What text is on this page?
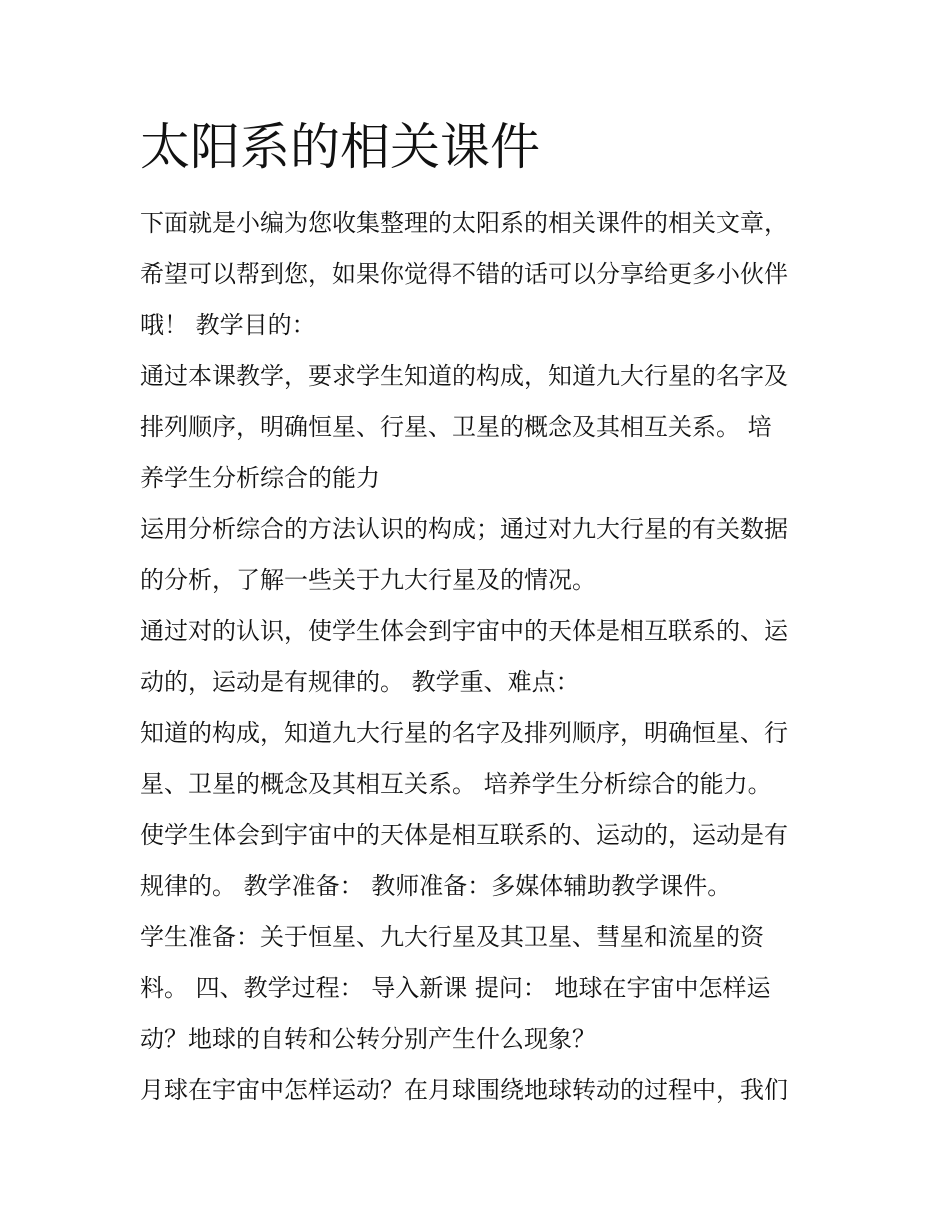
太阳系的相关课件

下面就是小编为您收集整理的太阳系的相关课件的相关文章，
希望可以帮到您，如果你觉得不错的话可以分享给更多小伙伴
哦！ 教学目的：

通过本课教学，要求学生知道的构成，知道九大行星的名字及
排列顺序，明确恒星、行星、卫星的概念及其相互关系。 培
养学生分析综合的能力

运用分析综合的方法认识的构成；通过对九大行星的有关数据
的分析，了解一些关于九大行星及的情况。

通过对的认识，使学生体会到宇宙中的天体是相互联系的、运
动的，运动是有规律的。 教学重、难点：

知道的构成，知道九大行星的名字及排列顺序，明确恒星、行
星、卫星的概念及其相互关系。 培养学生分析综合的能力。

使学生体会到宇宙中的天体是相互联系的、运动的，运动是有
规律的。 教学准备： 教师准备：多媒体辅助教学课件。

学生准备：关于恒星、九大行星及其卫星、彗星和流星的资
料。 四、教学过程： 导入新课 提问： 地球在宇宙中怎样运
动？地球的自转和公转分别产生什么现象？

月球在宇宙中怎样运动？在月球围绕地球转动的过程中，我们
